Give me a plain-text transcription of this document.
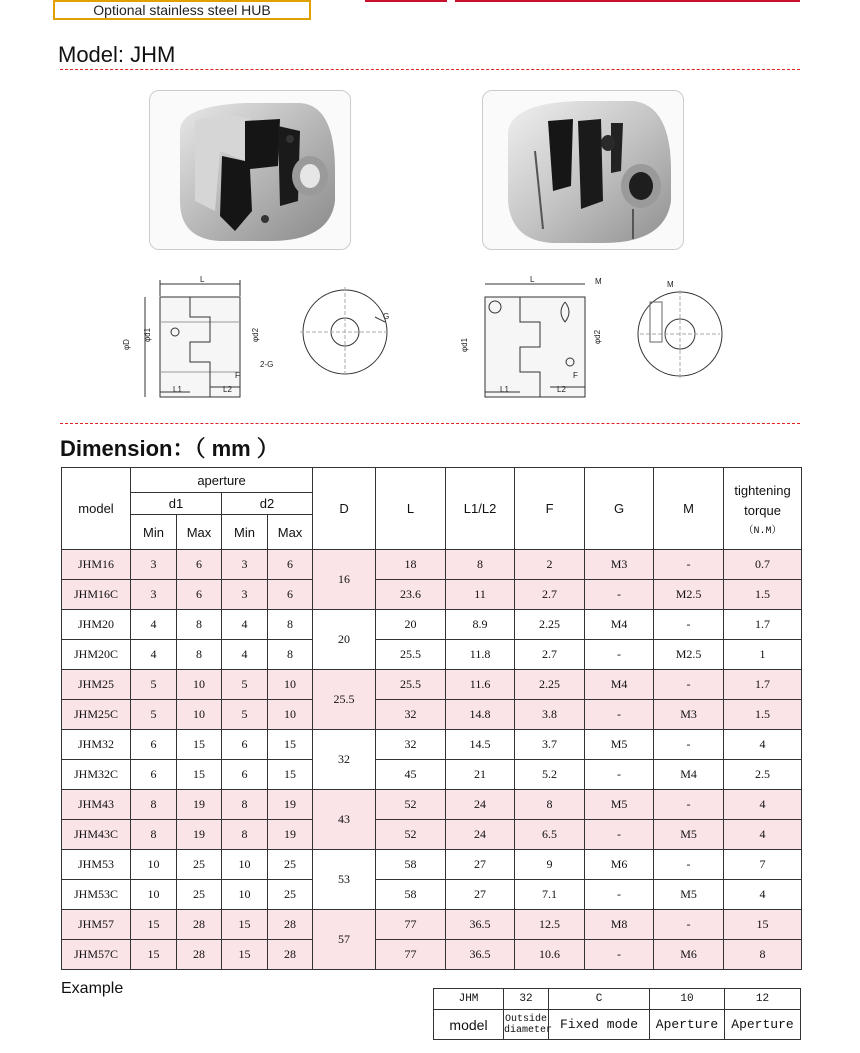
Optional stainless steel HUB
Model: JHM
L
φD
φd1	φd2
L1	L2
F
2-G
G
L	M
φd1
φd2
L1	L2
F
M
Dimension：（ mm ）
model	aperture				D	L	L1/L2	F	G	M	tightening torque
（N.M）

	d1		d2								
	Min	Max	Min	Max							
JHM16	3	6	3	6	16	18	8	2	M3	-	0.7
JHM16C	3	6	3	6		23.6	11	2.7	-	M2.5	1.5
JHM20	4	8	4	8	20	20	8.9	2.25	M4	-	1.7
JHM20C	4	8	4	8		25.5	11.8	2.7	-	M2.5	1
JHM25	5	10	5	10	25.5	25.5	11.6	2.25	M4	-	1.7
JHM25C	5	10	5	10		32	14.8	3.8	-	M3	1.5
JHM32	6	15	6	15	32	32	14.5	3.7	M5	-	4
JHM32C	6	15	6	15		45	21	5.2	-	M4	2.5
JHM43	8	19	8	19	43	52	24	8	M5	-	4
JHM43C	8	19	8	19		52	24	6.5	-	M5	4
JHM53	10	25	10	25	53	58	27	9	M6	-	7
JHM53C	10	25	10	25		58	27	7.1	-	M5	4
JHM57	15	28	15	28	57	77	36.5	12.5	M8	-	15
JHM57C	15	28	15	28		77	36.5	10.6	-	M6	8
Example
JHM	32	C	10	12
model	Outside diameter	Fixed mode	Aperture	Aperture
